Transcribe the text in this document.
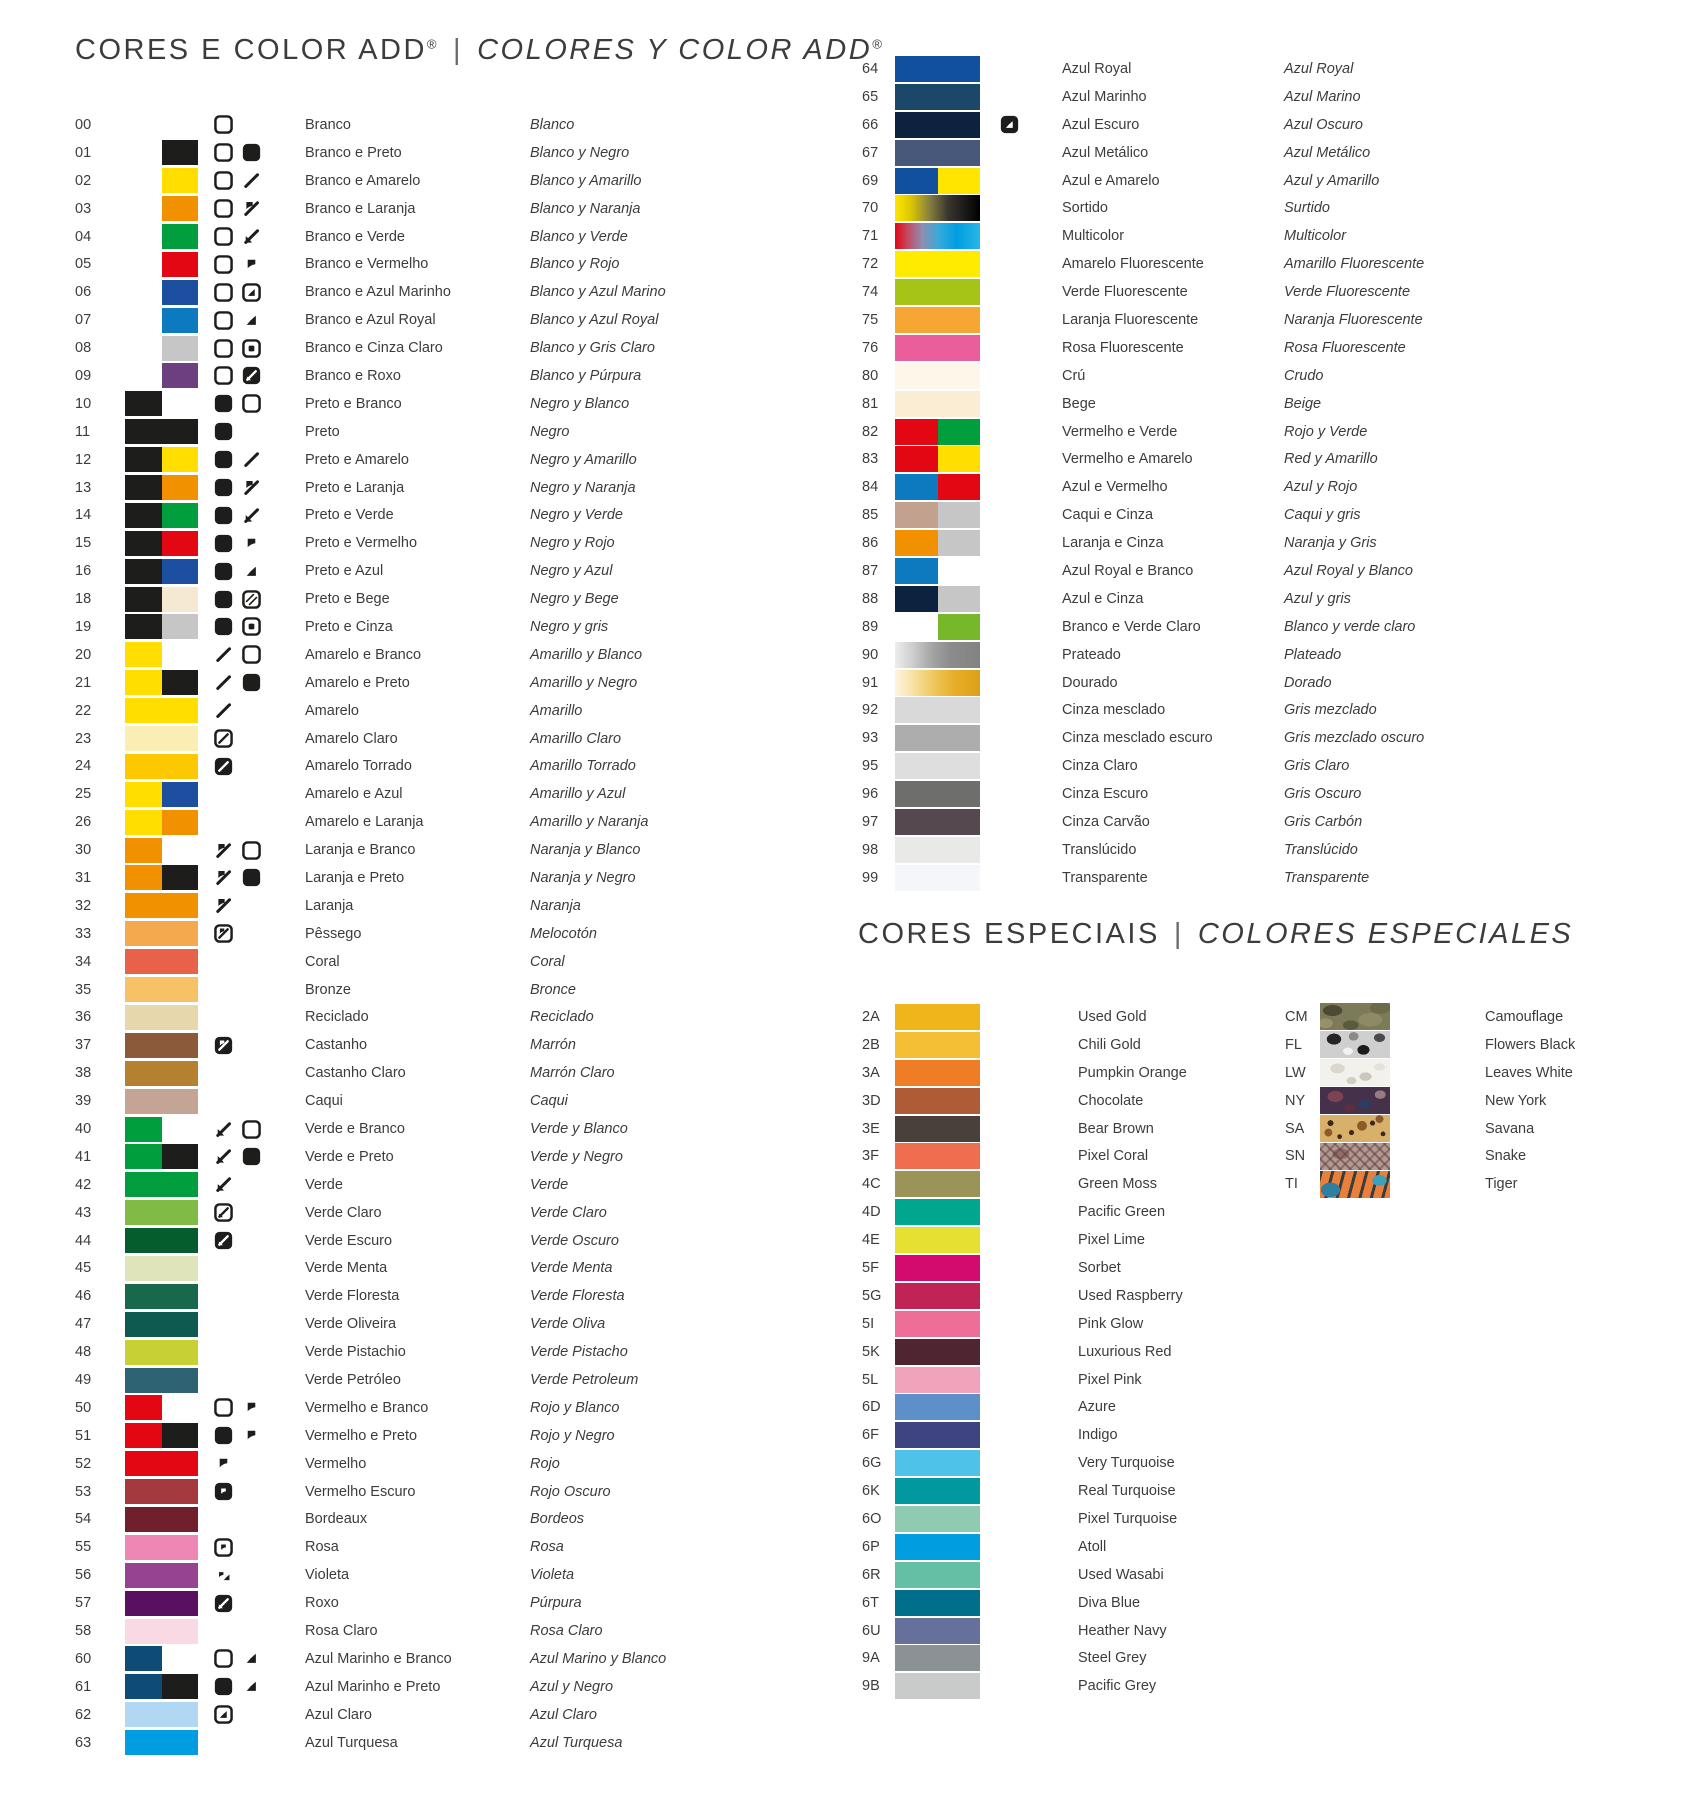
CORES E COLOR ADD® | COLORES Y COLOR ADD®
00	Branco	Blanco
01	Branco e Preto	Blanco y Negro
02	Branco e Amarelo	Blanco y Amarillo
03	Branco e Laranja	Blanco y Naranja
04	Branco e Verde	Blanco y Verde
05	Branco e Vermelho	Blanco y Rojo
06	Branco e Azul Marinho	Blanco y Azul Marino
07	Branco e Azul Royal	Blanco y Azul Royal
08	Branco e Cinza Claro	Blanco y Gris Claro
09	Branco e Roxo	Blanco y Púrpura
10	Preto e Branco	Negro y Blanco
11	Preto	Negro
12	Preto e Amarelo	Negro y Amarillo
13	Preto e Laranja	Negro y Naranja
14	Preto e Verde	Negro y Verde
15	Preto e Vermelho	Negro y Rojo
16	Preto e Azul	Negro y Azul
18	Preto e Bege	Negro y Bege
19	Preto e Cinza	Negro y gris
20	Amarelo e Branco	Amarillo y Blanco
21	Amarelo e Preto	Amarillo y Negro
22	Amarelo	Amarillo
23	Amarelo Claro	Amarillo Claro
24	Amarelo Torrado	Amarillo Torrado
25	Amarelo e Azul	Amarillo y Azul
26	Amarelo e Laranja	Amarillo y Naranja
30	Laranja e Branco	Naranja y Blanco
31	Laranja e Preto	Naranja y Negro
32	Laranja	Naranja
33	Pêssego	Melocotón
34	Coral	Coral
35	Bronze	Bronce
36	Reciclado	Reciclado
37	Castanho	Marrón
38	Castanho Claro	Marrón Claro
39	Caqui	Caqui
40	Verde e Branco	Verde y Blanco
41	Verde e Preto	Verde y Negro
42	Verde	Verde
43	Verde Claro	Verde Claro
44	Verde Escuro	Verde Oscuro
45	Verde Menta	Verde Menta
46	Verde Floresta	Verde Floresta
47	Verde Oliveira	Verde Oliva
48	Verde Pistachio	Verde Pistacho
49	Verde Petróleo	Verde Petroleum
50	Vermelho e Branco	Rojo y Blanco
51	Vermelho e Preto	Rojo y Negro
52	Vermelho	Rojo
53	Vermelho Escuro	Rojo Oscuro
54	Bordeaux	Bordeos
55	Rosa	Rosa
56	Violeta	Violeta
57	Roxo	Púrpura
58	Rosa Claro	Rosa Claro
60	Azul Marinho e Branco	Azul Marino y Blanco
61	Azul Marinho e Preto	Azul y Negro
62	Azul Claro	Azul Claro
63	Azul Turquesa	Azul Turquesa
64	Azul Royal	Azul Royal
65	Azul Marinho	Azul Marino
66	Azul Escuro	Azul Oscuro
67	Azul Metálico	Azul Metálico
69	Azul e Amarelo	Azul y Amarillo
70	Sortido	Surtido
71	Multicolor	Multicolor
72	Amarelo Fluorescente	Amarillo Fluorescente
74	Verde Fluorescente	Verde Fluorescente
75	Laranja Fluorescente	Naranja Fluorescente
76	Rosa Fluorescente	Rosa Fluorescente
80	Crú	Crudo
81	Bege	Beige
82	Vermelho e Verde	Rojo y Verde
83	Vermelho e Amarelo	Red y Amarillo
84	Azul e Vermelho	Azul y Rojo
85	Caqui e Cinza	Caqui y gris
86	Laranja e Cinza	Naranja y Gris
87	Azul Royal e Branco	Azul Royal y Blanco
88	Azul e Cinza	Azul y gris
89	Branco e Verde Claro	Blanco y verde claro
90	Prateado	Plateado
91	Dourado	Dorado
92	Cinza mesclado	Gris mezclado
93	Cinza mesclado escuro	Gris mezclado oscuro
95	Cinza Claro	Gris Claro
96	Cinza Escuro	Gris Oscuro
97	Cinza Carvão	Gris Carbón
98	Translúcido	Translúcido
99	Transparente	Transparente
CORES ESPECIAIS | COLORES ESPECIALES
2A	Used Gold
2B	Chili Gold
3A	Pumpkin Orange
3D	Chocolate
3E	Bear Brown
3F	Pixel Coral
4C	Green Moss
4D	Pacific Green
4E	Pixel Lime
5F	Sorbet
5G	Used Raspberry
5I	Pink Glow
5K	Luxurious Red
5L	Pixel Pink
6D	Azure
6F	Indigo
6G	Very Turquoise
6K	Real Turquoise
6O	Pixel Turquoise
6P	Atoll
6R	Used Wasabi
6T	Diva Blue
6U	Heather Navy
9A	Steel Grey
9B	Pacific Grey
CM	Camouflage
FL	Flowers Black
LW	Leaves White
NY	New York
SA	Savana
SN	Snake
TI	Tiger
